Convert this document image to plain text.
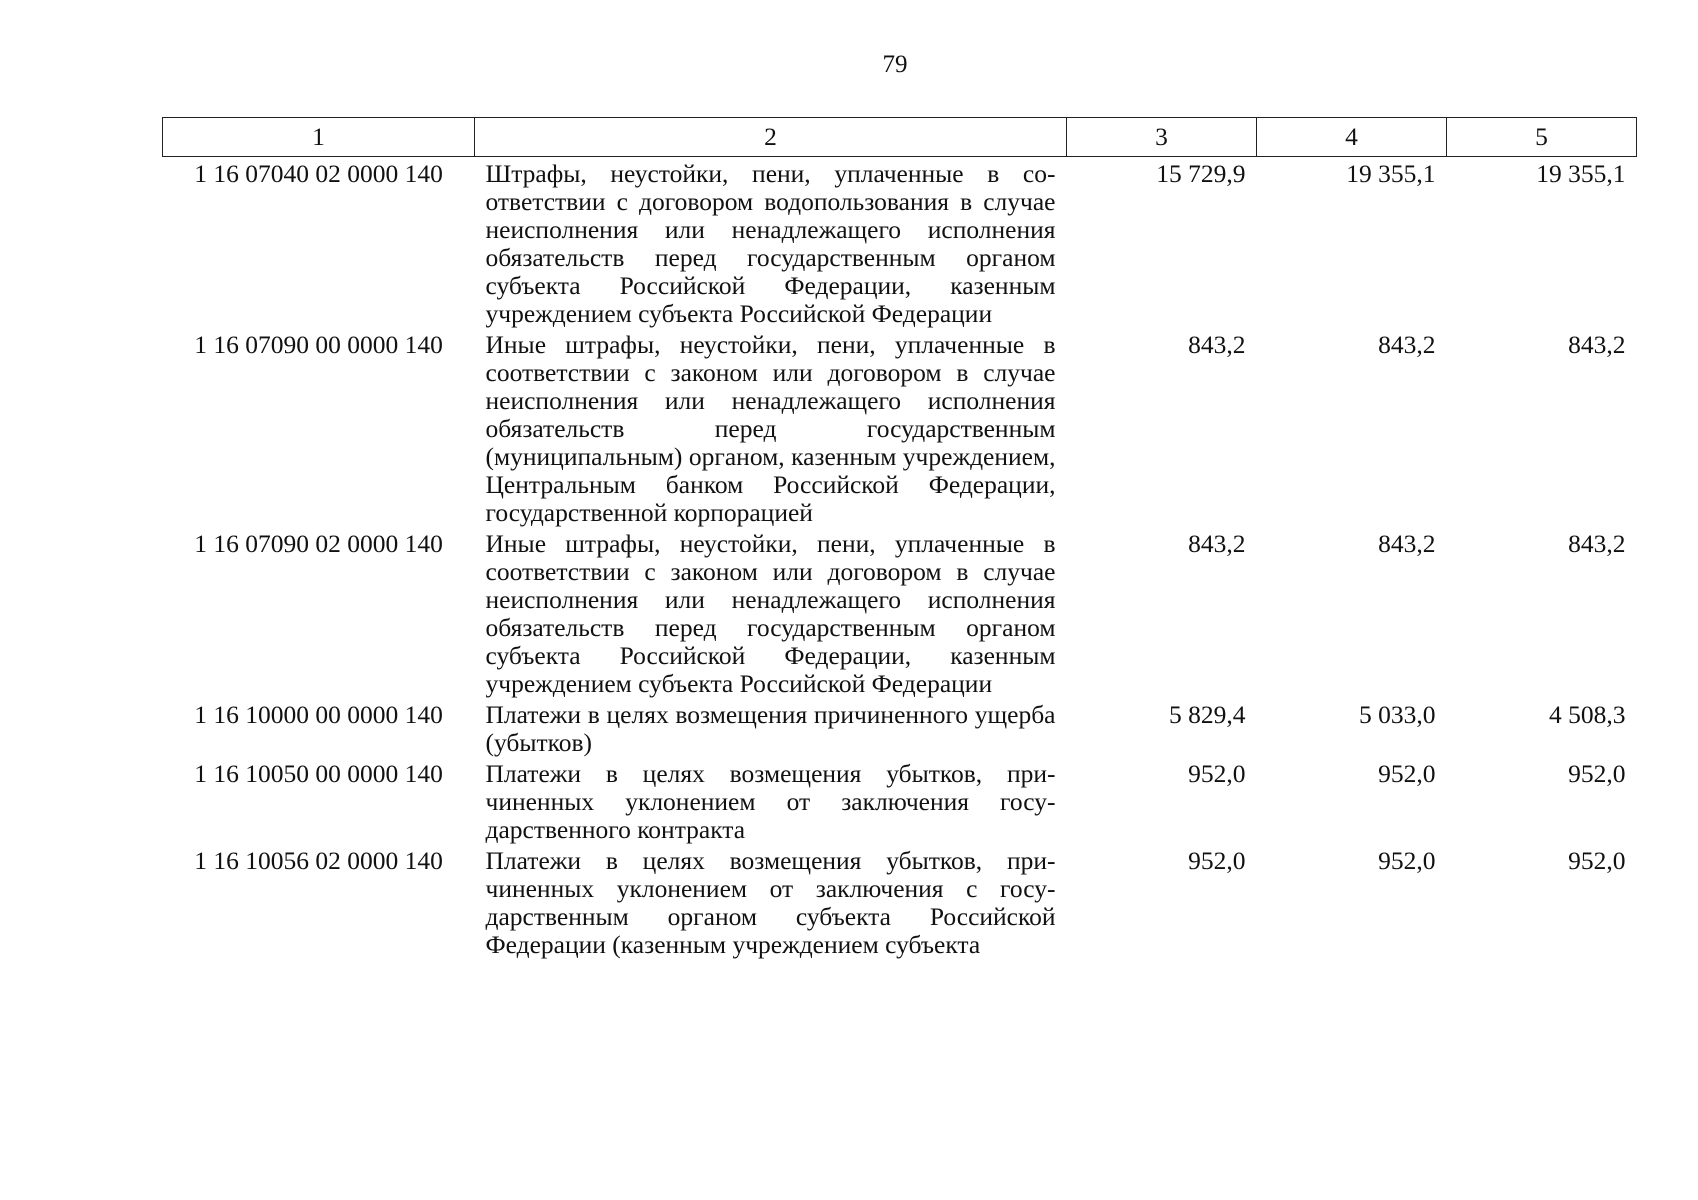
79
1	2	3	4	5
1 16 07040 02 0000 140	Штрафы, неустойки, пени, уплаченные в соответствии с договором водопользования в случае неисполнения или ненадлежащего исполнения обязательств перед государственным органом субъекта Российской Федерации, казенным учреждением субъекта Российской Федерации	15 729,9	19 355,1	19 355,1
1 16 07090 00 0000 140	Иные штрафы, неустойки, пени, уплаченные в соответствии с законом или договором в случае неисполнения или ненадлежащего исполнения обязательств перед государственным (муниципальным) органом, казенным учреждением, Центральным банком Российской Федерации, государственной корпорацией	843,2	843,2	843,2
1 16 07090 02 0000 140	Иные штрафы, неустойки, пени, уплаченные в соответствии с законом или договором в случае неисполнения или ненадлежащего исполнения обязательств перед государственным органом субъекта Российской Федерации, казенным учреждением субъекта Российской Федерации	843,2	843,2	843,2
1 16 10000 00 0000 140	Платежи в целях возмещения причиненного ущерба (убытков)	5 829,4	5 033,0	4 508,3
1 16 10050 00 0000 140	Платежи в целях возмещения убытков, причиненных уклонением от заключения государственного контракта	952,0	952,0	952,0
1 16 10056 02 0000 140	Платежи в целях возмещения убытков, причиненных уклонением от заключения с государственным органом субъекта Российской Федерации (казенным учреждением субъекта	952,0	952,0	952,0
